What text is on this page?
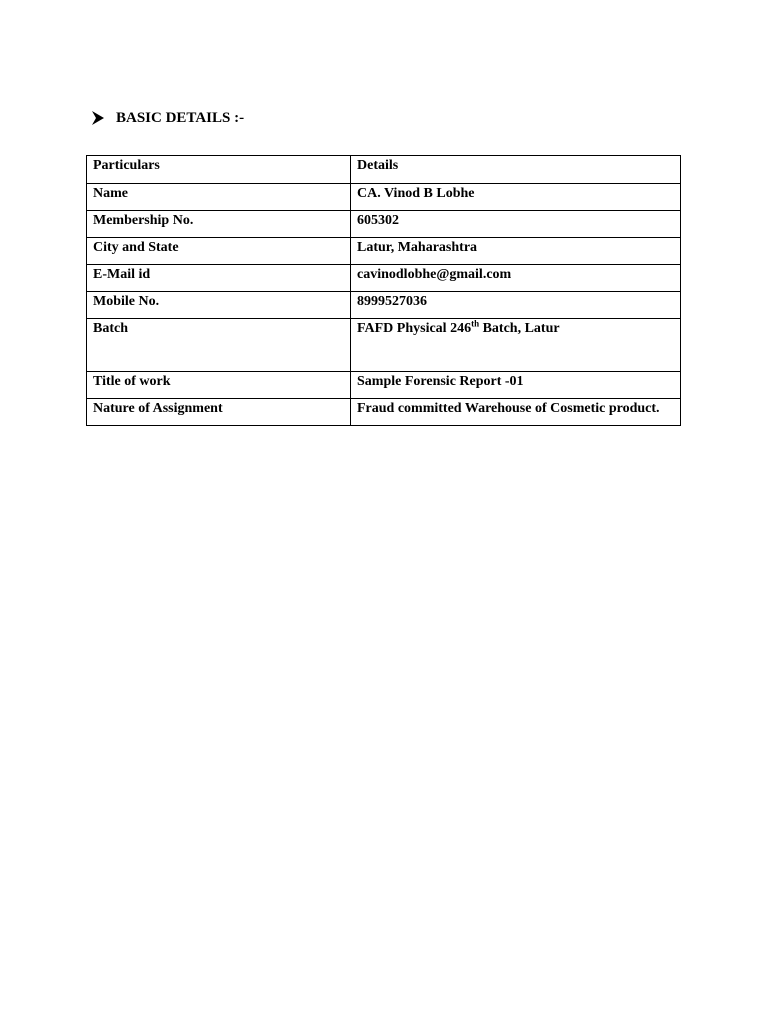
BASIC DETAILS :-
Particulars	Details
Name	CA. Vinod B Lobhe
Membership No.	605302
City and State	Latur, Maharashtra
E-Mail id	cavinodlobhe@gmail.com
Mobile No.	8999527036
Batch	FAFD Physical 246th Batch, Latur
Title of work	Sample Forensic Report -01
Nature of Assignment	Fraud committed Warehouse of Cosmetic product.
